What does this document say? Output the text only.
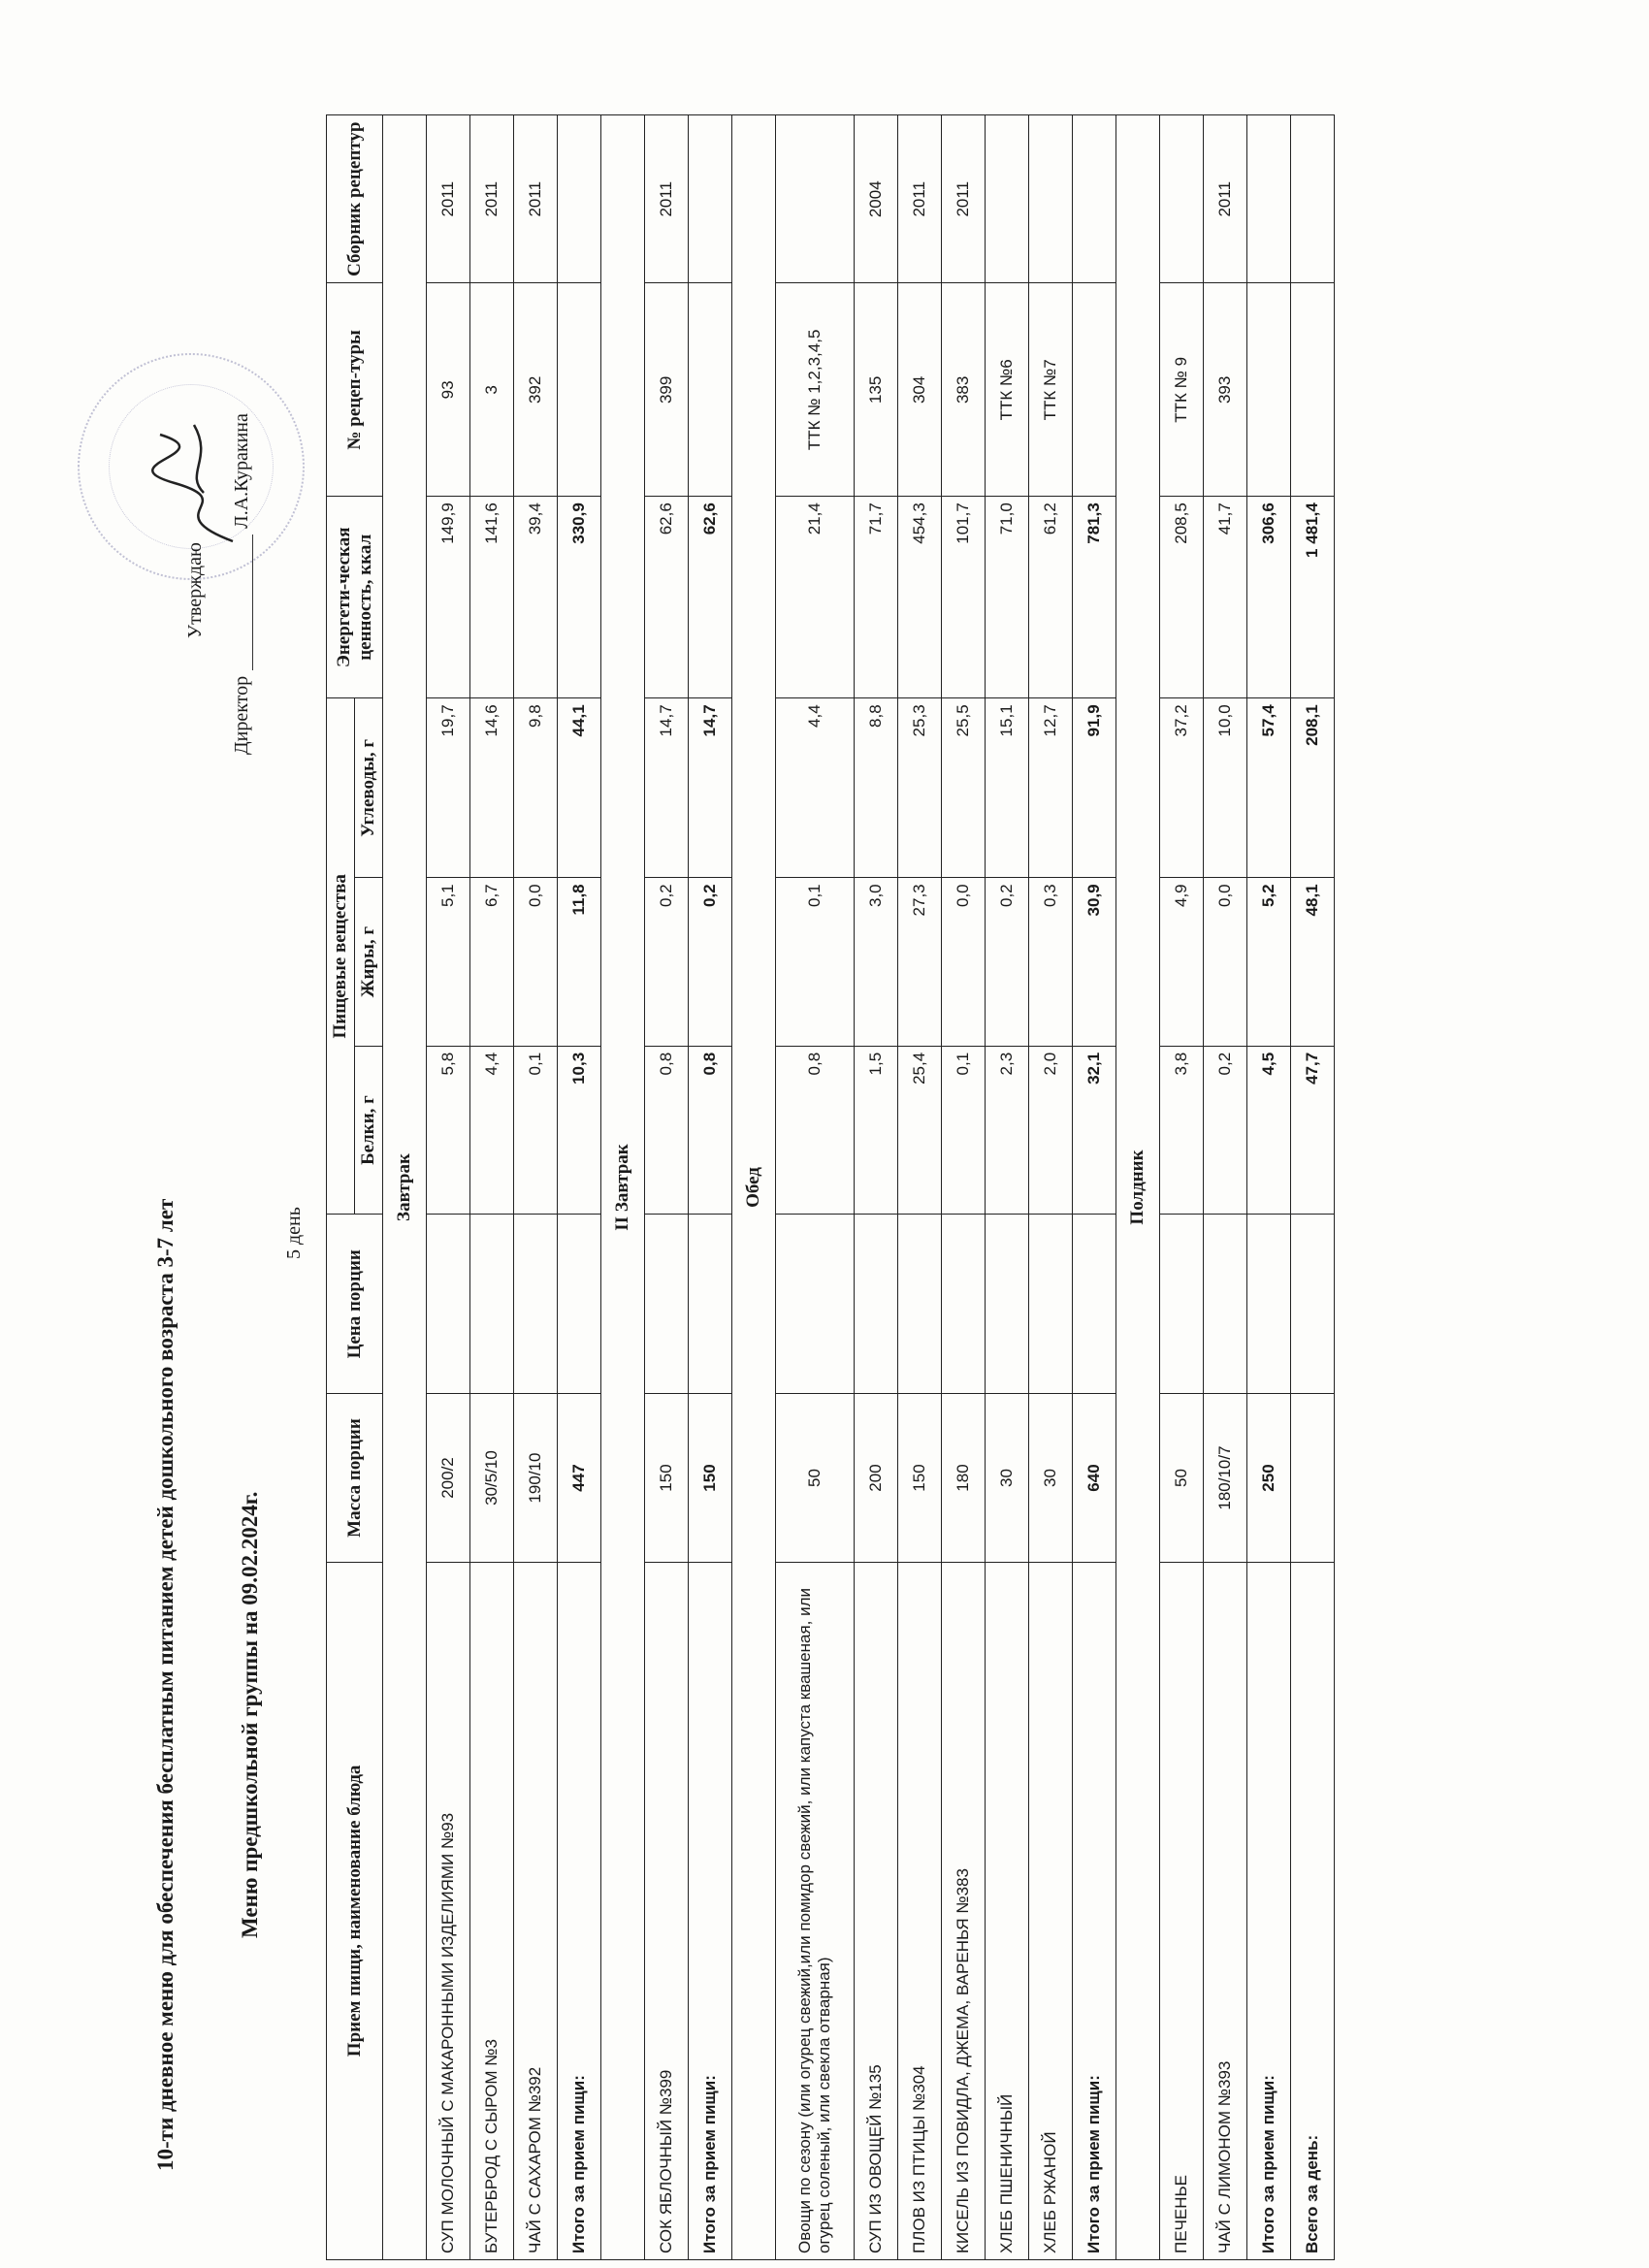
10-ти дневное меню для обеспечения бесплатным питанием детей дошкольного возраста 3-7 лет	Меню предшкольной группы на 09.02.2024г.
5 день
Утверждаю
ДиректорЛ.А.Куракина
Прием пищи, наименование блюда	Масса порции	Цена порции	Пищевые вещества			Энергети-ческая ценность, ккал	№ рецеп-туры	Сборник рецептур
			Белки, г	Жиры, г	Углеводы, г			
Завтрак								
СУП МОЛОЧНЫЙ С МАКАРОННЫМИ ИЗДЕЛИЯМИ №93	200/2		5,8	5,1	19,7	149,9	93	2011
БУТЕРБРОД С СЫРОМ №3	30/5/10		4,4	6,7	14,6	141,6	3	2011
ЧАЙ С САХАРОМ №392	190/10		0,1	0,0	9,8	39,4	392	2011
Итого за прием пищи:	447		10,3	11,8	44,1	330,9		
II Завтрак								
СОК ЯБЛОЧНЫЙ №399	150		0,8	0,2	14,7	62,6	399	2011
Итого за прием пищи:	150		0,8	0,2	14,7	62,6		
Обед								
Овощи по сезону (или огурец свежий,или помидор свежий, или капуста квашеная, или огурец соленый, или свекла отварная)	50		0,8	0,1	4,4	21,4	ТТК № 1,2,3,4,5	
СУП ИЗ ОВОЩЕЙ №135	200		1,5	3,0	8,8	71,7	135	2004
ПЛОВ ИЗ ПТИЦЫ №304	150		25,4	27,3	25,3	454,3	304	2011
КИСЕЛЬ ИЗ ПОВИДЛА, ДЖЕМА, ВАРЕНЬЯ №383	180		0,1	0,0	25,5	101,7	383	2011
ХЛЕБ ПШЕНИЧНЫЙ	30		2,3	0,2	15,1	71,0	ТТК №6	
ХЛЕБ РЖАНОЙ	30		2,0	0,3	12,7	61,2	ТТК №7	
Итого за прием пищи:	640		32,1	30,9	91,9	781,3		
Полдник								
ПЕЧЕНЬЕ	50		3,8	4,9	37,2	208,5	ТТК № 9	
ЧАЙ С ЛИМОНОМ №393	180/10/7		0,2	0,0	10,0	41,7	393	2011
Итого за прием пищи:	250		4,5	5,2	57,4	306,6		
Всего за день:			47,7	48,1	208,1	1 481,4		
